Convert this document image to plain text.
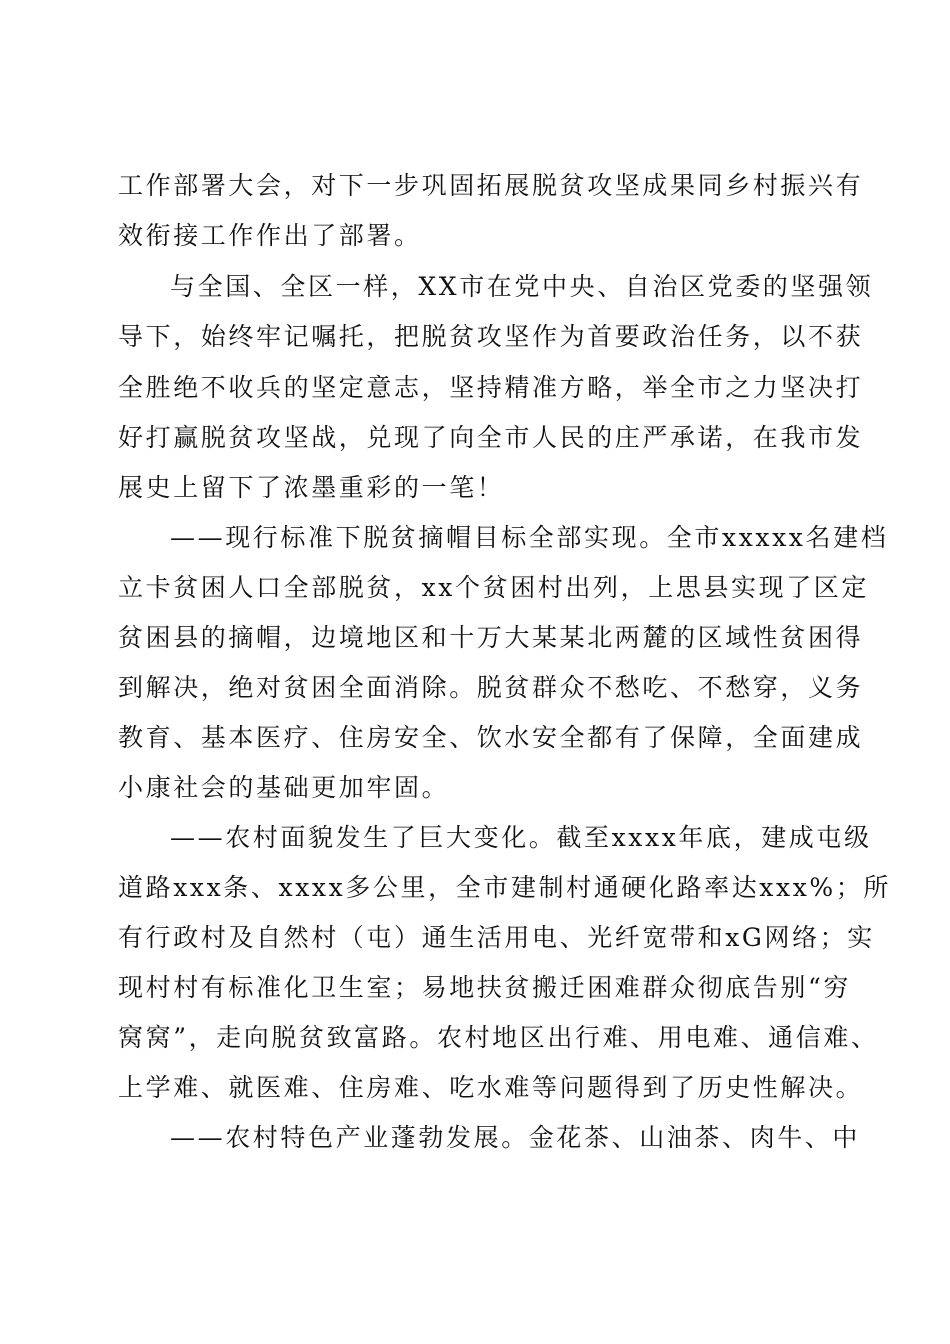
工作部署大会，对下一步巩固拓展脱贫攻坚成果同乡村振兴有
效衔接工作作出了部署。
与全国、全区一样，XX市在党中央、自治区党委的坚强领
导下，始终牢记嘱托，把脱贫攻坚作为首要政治任务，以不获
全胜绝不收兵的坚定意志，坚持精准方略，举全市之力坚决打
好打赢脱贫攻坚战，兑现了向全市人民的庄严承诺，在我市发
展史上留下了浓墨重彩的一笔！
——现行标准下脱贫摘帽目标全部实现。全市xxxxx名建档
立卡贫困人口全部脱贫，xx个贫困村出列，上思县实现了区定
贫困县的摘帽，边境地区和十万大某某北两麓的区域性贫困得
到解决，绝对贫困全面消除。脱贫群众不愁吃、不愁穿，义务
教育、基本医疗、住房安全、饮水安全都有了保障，全面建成
小康社会的基础更加牢固。
——农村面貌发生了巨大变化。截至xxxx年底，建成屯级
道路xxx条、xxxx多公里，全市建制村通硬化路率达xxx%；所
有行政村及自然村（屯）通生活用电、光纤宽带和xG网络；实
现村村有标准化卫生室；易地扶贫搬迁困难群众彻底告别“穷
窝窝”，走向脱贫致富路。农村地区出行难、用电难、通信难、
上学难、就医难、住房难、吃水难等问题得到了历史性解决。
——农村特色产业蓬勃发展。金花茶、山油茶、肉牛、中
